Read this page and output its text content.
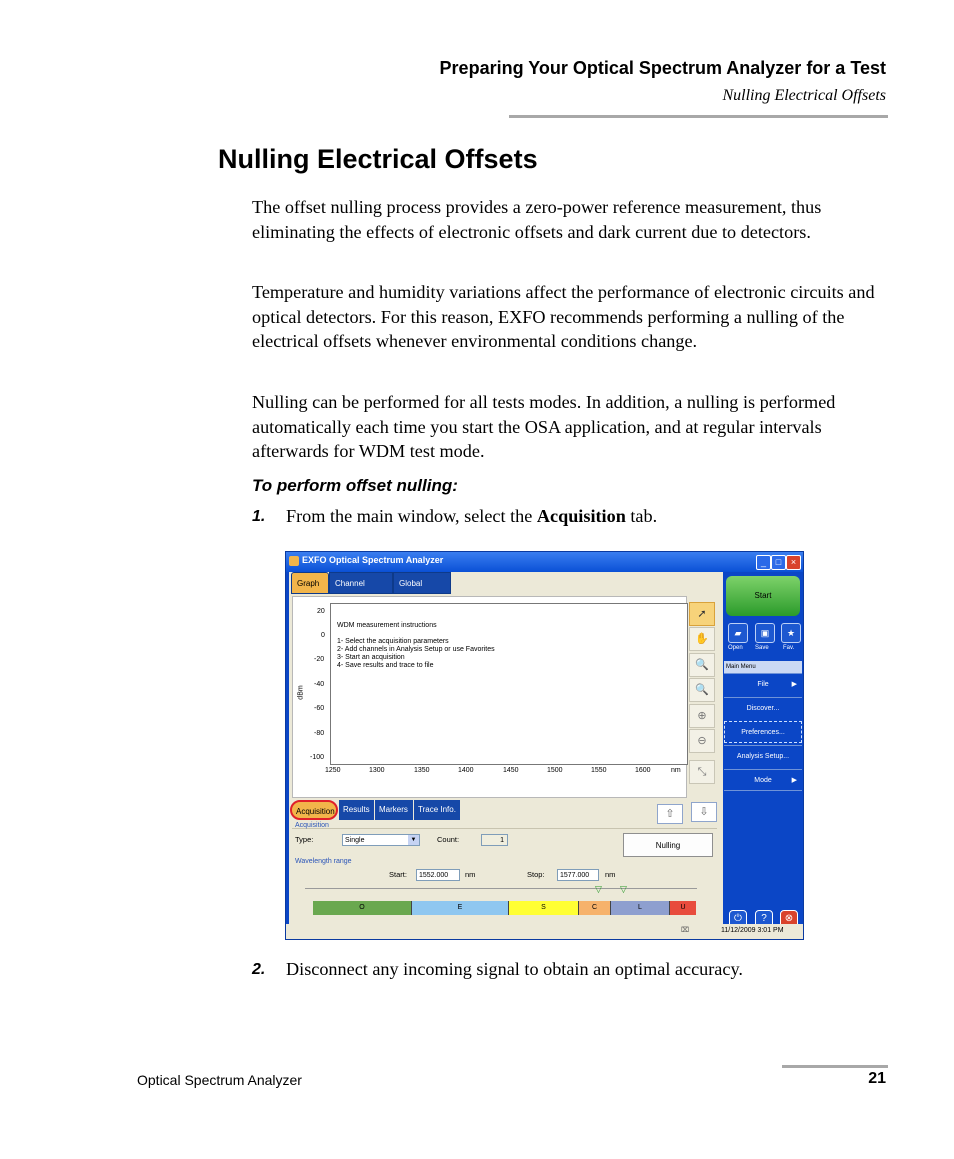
Preparing Your Optical Spectrum Analyzer for a Test
Nulling Electrical Offsets
Nulling Electrical Offsets

The offset nulling process provides a zero-power reference measurement, thus eliminating the effects of electronic offsets and dark current due to detectors.

Temperature and humidity variations affect the performance of electronic circuits and optical detectors. For this reason, EXFO recommends performing a nulling of the electrical offsets whenever environmental conditions change.

Nulling can be performed for all tests modes. In addition, a nulling is performed automatically each time you start the OSA application, and at regular intervals afterwards for WDM test mode.

To perform offset nulling:
1. From the main window, select the Acquisition tab.
EXFO Optical Spectrum Analyzer	_	□	×
Graph	Channel	Global
20
0
-20
-40
-60
-80
-100
dBm
WDM measurement instructions
1- Select the acquisition parameters
2- Add channels in Analysis Setup or use Favorites
3- Start an acquisition
4- Save results and trace to file
1250	1300	1350	1400	1450	1500	1550	1600	nm
➚
✋
🔍
🔍
⊕
⊖
⤡
Acquisition	Results	Markers	Trace Info.	⇧	⇩
Acquisition
Type:	Single	▼	Count:	1
Nulling
Wavelength range
Start:	1552.000	nm	Stop:	1577.000	nm
▽ ▽
O	E	S	C	L	U
Start
▰	▣	★
Open Save Fav.
Main Menu
File	▶
Discover...
Preferences...
Analysis Setup...
Mode	▶
⏻	?	⊗
⌧	11/12/2009 3:01 PM
2. Disconnect any incoming signal to obtain an optimal accuracy.
Optical Spectrum Analyzer	21
